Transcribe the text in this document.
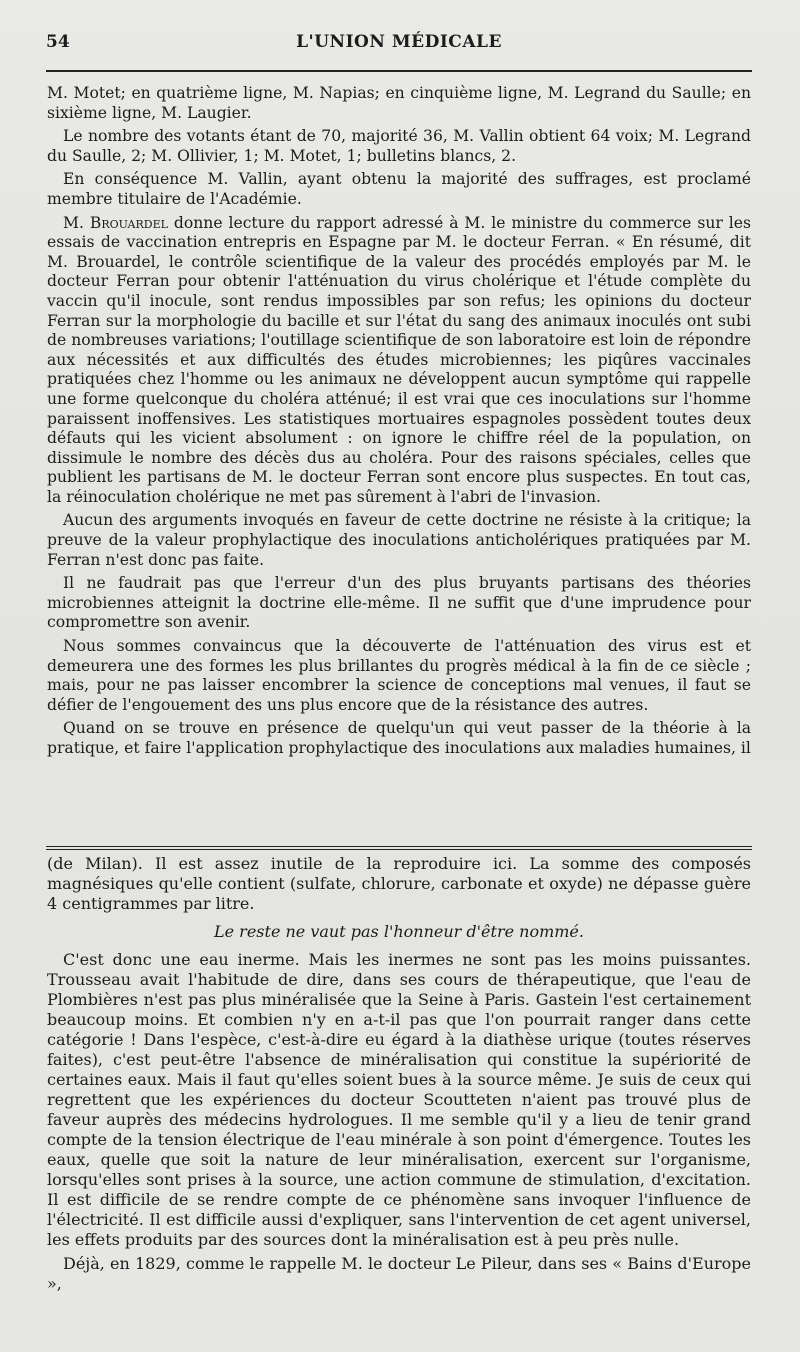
54	L'UNION MÉDICALE

M. Motet; en quatrième ligne, M. Napias; en cinquième ligne, M. Legrand du Saulle; en sixième ligne, M. Laugier.

Le nombre des votants étant de 70, majorité 36, M. Vallin obtient 64 voix; M. Legrand du Saulle, 2; M. Ollivier, 1; M. Motet, 1; bulletins blancs, 2.

En conséquence M. Vallin, ayant obtenu la majorité des suffrages, est proclamé membre titulaire de l'Académie.

M. Brouardel donne lecture du rapport adressé à M. le ministre du commerce sur les essais de vaccination entrepris en Espagne par M. le docteur Ferran. « En résumé, dit M. Brouardel, le contrôle scientifique de la valeur des procédés employés par M. le docteur Ferran pour obtenir l'atténuation du virus cholérique et l'étude complète du vaccin qu'il inocule, sont rendus impossibles par son refus; les opinions du docteur Ferran sur la morphologie du bacille et sur l'état du sang des animaux inoculés ont subi de nombreuses variations; l'outillage scientifique de son laboratoire est loin de répondre aux nécessités et aux difficultés des études microbiennes; les piqûres vaccinales pratiquées chez l'homme ou les animaux ne développent aucun symptôme qui rappelle une forme quelconque du choléra atténué; il est vrai que ces inoculations sur l'homme paraissent inoffensives. Les statistiques mortuaires espagnoles possèdent toutes deux défauts qui les vicient absolument : on ignore le chiffre réel de la population, on dissimule le nombre des décès dus au choléra. Pour des raisons spéciales, celles que publient les partisans de M. le docteur Ferran sont encore plus suspectes. En tout cas, la réinoculation cholérique ne met pas sûrement à l'abri de l'invasion.

Aucun des arguments invoqués en faveur de cette doctrine ne résiste à la critique; la preuve de la valeur prophylactique des inoculations anticholériques pratiquées par M. Ferran n'est donc pas faite.

Il ne faudrait pas que l'erreur d'un des plus bruyants partisans des théories microbiennes atteignit la doctrine elle-même. Il ne suffit que d'une imprudence pour compromettre son avenir.

Nous sommes convaincus que la découverte de l'atténuation des virus est et demeurera une des formes les plus brillantes du progrès médical à la fin de ce siècle ; mais, pour ne pas laisser encombrer la science de conceptions mal venues, il faut se défier de l'engouement des uns plus encore que de la résistance des autres.

Quand on se trouve en présence de quelqu'un qui veut passer de la théorie à la pratique, et faire l'application prophylactique des inoculations aux maladies humaines, il

(de Milan). Il est assez inutile de la reproduire ici. La somme des composés magnésiques qu'elle contient (sulfate, chlorure, carbonate et oxyde) ne dépasse guère 4 centigrammes par litre.

Le reste ne vaut pas l'honneur d'être nommé.

C'est donc une eau inerme. Mais les inermes ne sont pas les moins puissantes. Trousseau avait l'habitude de dire, dans ses cours de thérapeutique, que l'eau de Plombières n'est pas plus minéralisée que la Seine à Paris. Gastein l'est certainement beaucoup moins. Et combien n'y en a-t-il pas que l'on pourrait ranger dans cette catégorie ! Dans l'espèce, c'est-à-dire eu égard à la diathèse urique (toutes réserves faites), c'est peut-être l'absence de minéralisation qui constitue la supériorité de certaines eaux. Mais il faut qu'elles soient bues à la source même. Je suis de ceux qui regrettent que les expériences du docteur Scoutteten n'aient pas trouvé plus de faveur auprès des médecins hydrologues. Il me semble qu'il y a lieu de tenir grand compte de la tension électrique de l'eau minérale à son point d'émergence. Toutes les eaux, quelle que soit la nature de leur minéralisation, exercent sur l'organisme, lorsqu'elles sont prises à la source, une action commune de stimulation, d'excitation. Il est difficile de se rendre compte de ce phénomène sans invoquer l'influence de l'électricité. Il est difficile aussi d'expliquer, sans l'intervention de cet agent universel, les effets produits par des sources dont la minéralisation est à peu près nulle.

Déjà, en 1829, comme le rappelle M. le docteur Le Pileur, dans ses « Bains d'Europe »,
